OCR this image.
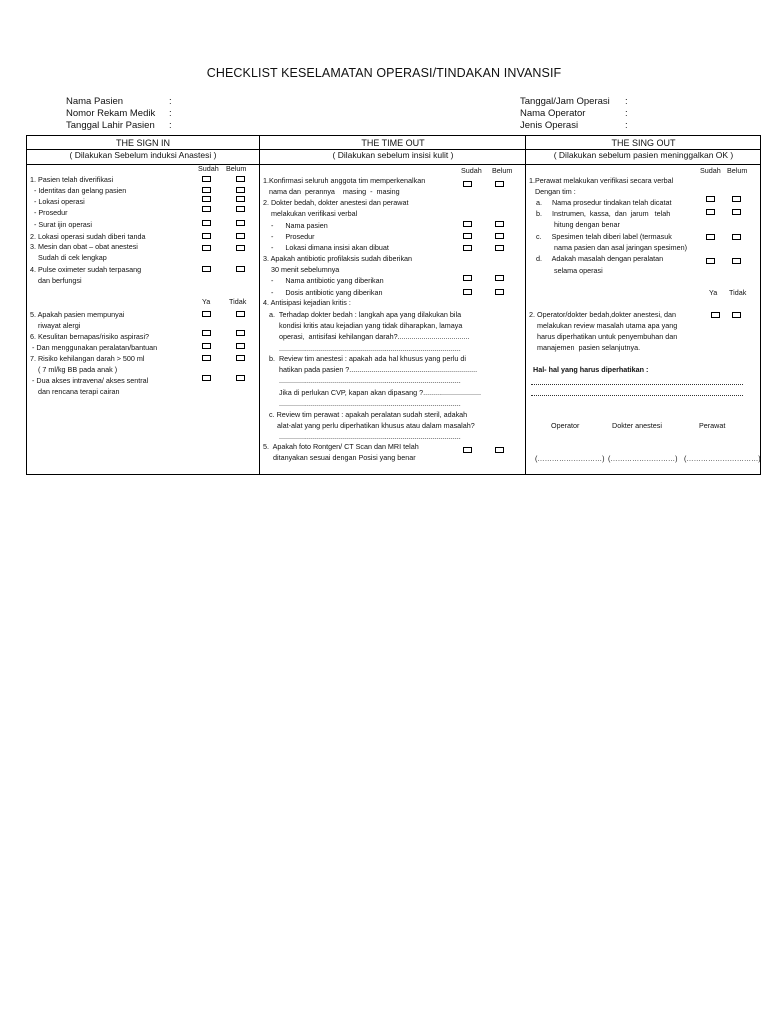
CHECKLIST KESELAMATAN OPERASI/TINDAKAN INVANSIF
Nama Pasien	:
Nomor Rekam Medik	:
Tanggal Lahir Pasien	:
Tanggal/Jam Operasi	:
Nama Operator	:
Jenis Operasi	:
THE SIGN IN
( Dilakukan Sebelum induksi Anastesi )
Sudah Belum
1. Pasien telah diverifikasi
- Identitas dan gelang pasien
- Lokasi operasi
- Prosedur
- Surat ijin operasi
2. Lokasi operasi sudah diberi tanda
3. Mesin dan obat – obat anestesi
Sudah di cek lengkap
4. Pulse oximeter sudah terpasang
dan berfungsi
Ya	Tidak
5. Apakah pasien mempunyai
riwayat alergi
6. Kesulitan bernapas/risiko aspirasi?
- Dan menggunakan peralatan/bantuan
7. Risiko kehilangan darah > 500 ml
( 7 ml/kg BB pada anak )
- Dua akses intravena/ akses sentral
dan rencana terapi cairan
THE TIME OUT
( Dilakukan sebelum insisi kulit )
Sudah Belum
1.Konfirmasi seluruh anggota tim memperkenalkan
nama dan  perannya    masing  -  masing
2. Dokter bedah, dokter anestesi dan perawat
melakukan verifikasi verbal
-      Nama pasien
-      Prosedur
-      Lokasi dimana insisi akan dibuat
3. Apakah antibiotic profilaksis sudah diberikan
30 menit sebelumnya
-      Nama antibiotic yang diberikan
-      Dosis antibiotic yang diberikan
4. Antisipasi kejadian kritis :
a.  Terhadap dokter bedah : langkah apa yang dilakukan bila
kondisi kritis atau kejadian yang tidak diharapkan, lamaya
operasi,  antisifasi kehilangan darah?....................................
...........................................................................................
b.  Review tim anestesi : apakah ada hal khusus yang perlu di
hatikan pada pasien ?................................................................
...........................................................................................
Jika di perlukan CVP, kapan akan dipasang ?.............................
...........................................................................................
c. Review tim perawat : apakah peralatan sudah steril, adakah
alat-alat yang perlu diperhatikan khusus atau dalam masalah?
...........................................................................................
5.  Apakah foto Rontgen/ CT Scan dan MRI telah
ditanyakan sesuai dengan Posisi yang benar
THE SING OUT
( Dilakukan sebelum pasien meninggalkan OK )
Sudah Belum
1.Perawat melakukan verifikasi secara verbal
Dengan tim :
a.     Nama prosedur tindakan telah dicatat
b.     Instrumen,  kassa,  dan  jarum   telah
hitung dengan benar
c.     Spesimen telah diberi label (termasuk
nama pasien dan asal jaringan spesimen)
d.     Adakah masalah dengan peralatan
selama operasi
Ya Tidak
2. Operator/dokter bedah,dokter anestesi, dan
melakukan review masalah utama apa yang
harus diperhatikan untuk penyembuhan dan
manajemen  pasien selanjutnya.
Hal- hal yang harus diperhatikan :
Operator	Dokter anestesi	Perawat
(………………………) (………………………) (…………………………)
